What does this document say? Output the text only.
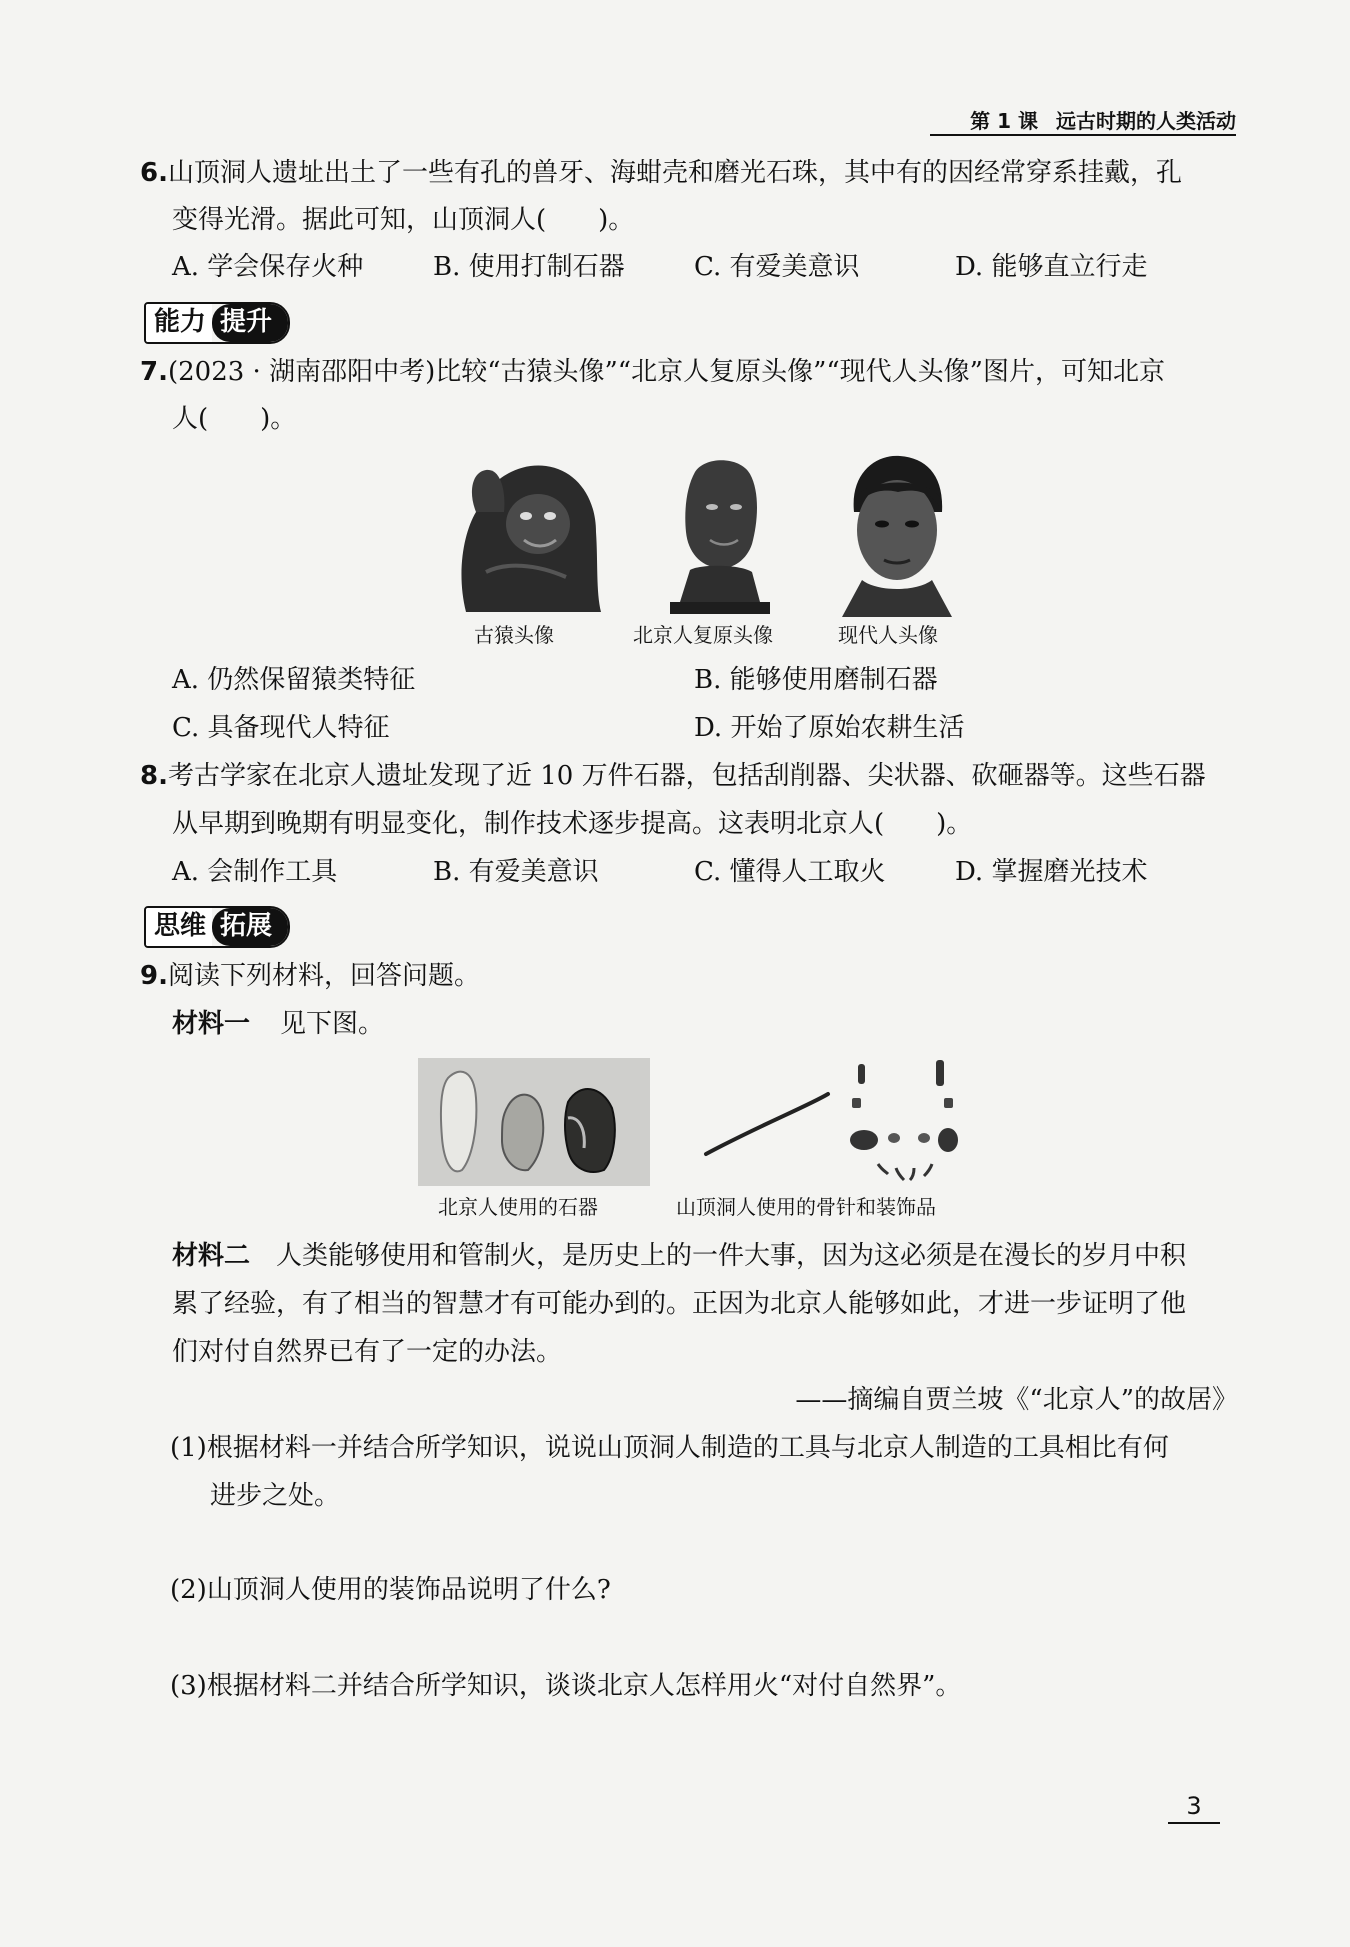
第 1 课 远古时期的人类活动
6.山顶洞人遗址出土了一些有孔的兽牙、海蚶壳和磨光石珠，其中有的因经常穿系挂戴，孔
变得光滑。据此可知，山顶洞人(　　)。
A. 学会保存火种	B. 使用打制石器	C. 有爱美意识	D. 能够直立行走
能力 提升
7.(2023 · 湖南邵阳中考)比较“古猿头像”“北京人复原头像”“现代人头像”图片，可知北京
人(　　)。
古猿头像	北京人复原头像	现代人头像
A. 仍然保留猿类特征	B. 能够使用磨制石器
C. 具备现代人特征	D. 开始了原始农耕生活
8.考古学家在北京人遗址发现了近 10 万件石器，包括刮削器、尖状器、砍砸器等。这些石器
从早期到晚期有明显变化，制作技术逐步提高。这表明北京人(　　)。
A. 会制作工具	B. 有爱美意识	C. 懂得人工取火	D. 掌握磨光技术
思维 拓展
9.阅读下列材料，回答问题。
材料一 见下图。
北京人使用的石器	山顶洞人使用的骨针和装饰品
材料二 人类能够使用和管制火，是历史上的一件大事，因为这必须是在漫长的岁月中积
累了经验，有了相当的智慧才有可能办到的。正因为北京人能够如此，才进一步证明了他
们对付自然界已有了一定的办法。
——摘编自贾兰坡《“北京人”的故居》
(1)根据材料一并结合所学知识，说说山顶洞人制造的工具与北京人制造的工具相比有何
进步之处。
(2)山顶洞人使用的装饰品说明了什么?
(3)根据材料二并结合所学知识，谈谈北京人怎样用火“对付自然界”。
3
